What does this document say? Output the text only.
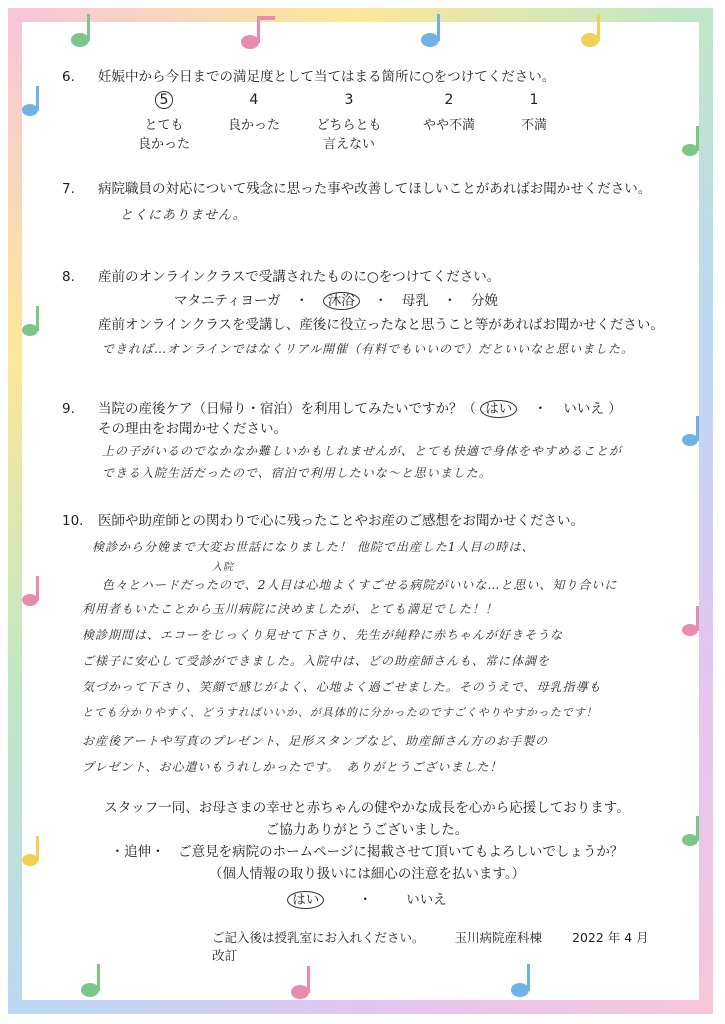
6. 妊娠中から今日までの満足度として当てはまる箇所に○をつけてください。
5
とても
良かった
4
良かった
3
どちらとも
言えない
2
やや不満
1
不満
7. 病院職員の対応について残念に思った事や改善してほしいことがあればお聞かせください。
とくにありません。
8. 産前のオンラインクラスで受講されたものに○をつけてください。
マタニティヨーガ ・ 沐浴 ・ 母乳 ・ 分娩
産前オンラインクラスを受講し、産後に役立ったなと思うこと等があればお聞かせください。
できれば…オンラインではなくリアル開催（有料でもいいので）だといいなと思いました。
9. 当院の産後ケア（日帰り・宿泊）を利用してみたいですか？（ はい ・ いいえ ）
その理由をお聞かせください。
上の子がいるのでなかなか難しいかもしれませんが、とても快適で身体をやすめることが
できる入院生活だったので、宿泊で利用したいな～と思いました。
10. 医師や助産師との関わりで心に残ったことやお産のご感想をお聞かせください。
検診から分娩まで大変お世話になりました！ 他院で出産した1人目の時は、
入院
色々とハードだったので、2人目は心地よくすごせる病院がいいな…と思い、知り合いに
利用者もいたことから玉川病院に決めましたが、とても満足でした！！
検診期間は、エコーをじっくり見せて下さり、先生が純粋に赤ちゃんが好きそうな
ご様子に安心して受診ができました。入院中は、どの助産師さんも、常に体調を
気づかって下さり、笑顔で感じがよく、心地よく過ごせました。そのうえで、母乳指導も
とても分かりやすく、どうすればいいか、が具体的に分かったのですごくやりやすかったです！
お産後アートや写真のプレゼント、足形スタンプなど、助産師さん方のお手製の
プレゼント、お心遣いもうれしかったです。　ありがとうございました！
スタッフ一同、お母さまの幸せと赤ちゃんの健やかな成長を心から応援しております。
ご協力ありがとうございました。
・追伸・　ご意見を病院のホームページに掲載させて頂いてもよろしいでしょうか？
（個人情報の取り扱いには細心の注意を払います。）
はい	・	いいえ
ご記入後は授乳室にお入れください。 玉川病院産科棟 2022 年 4 月　改訂
